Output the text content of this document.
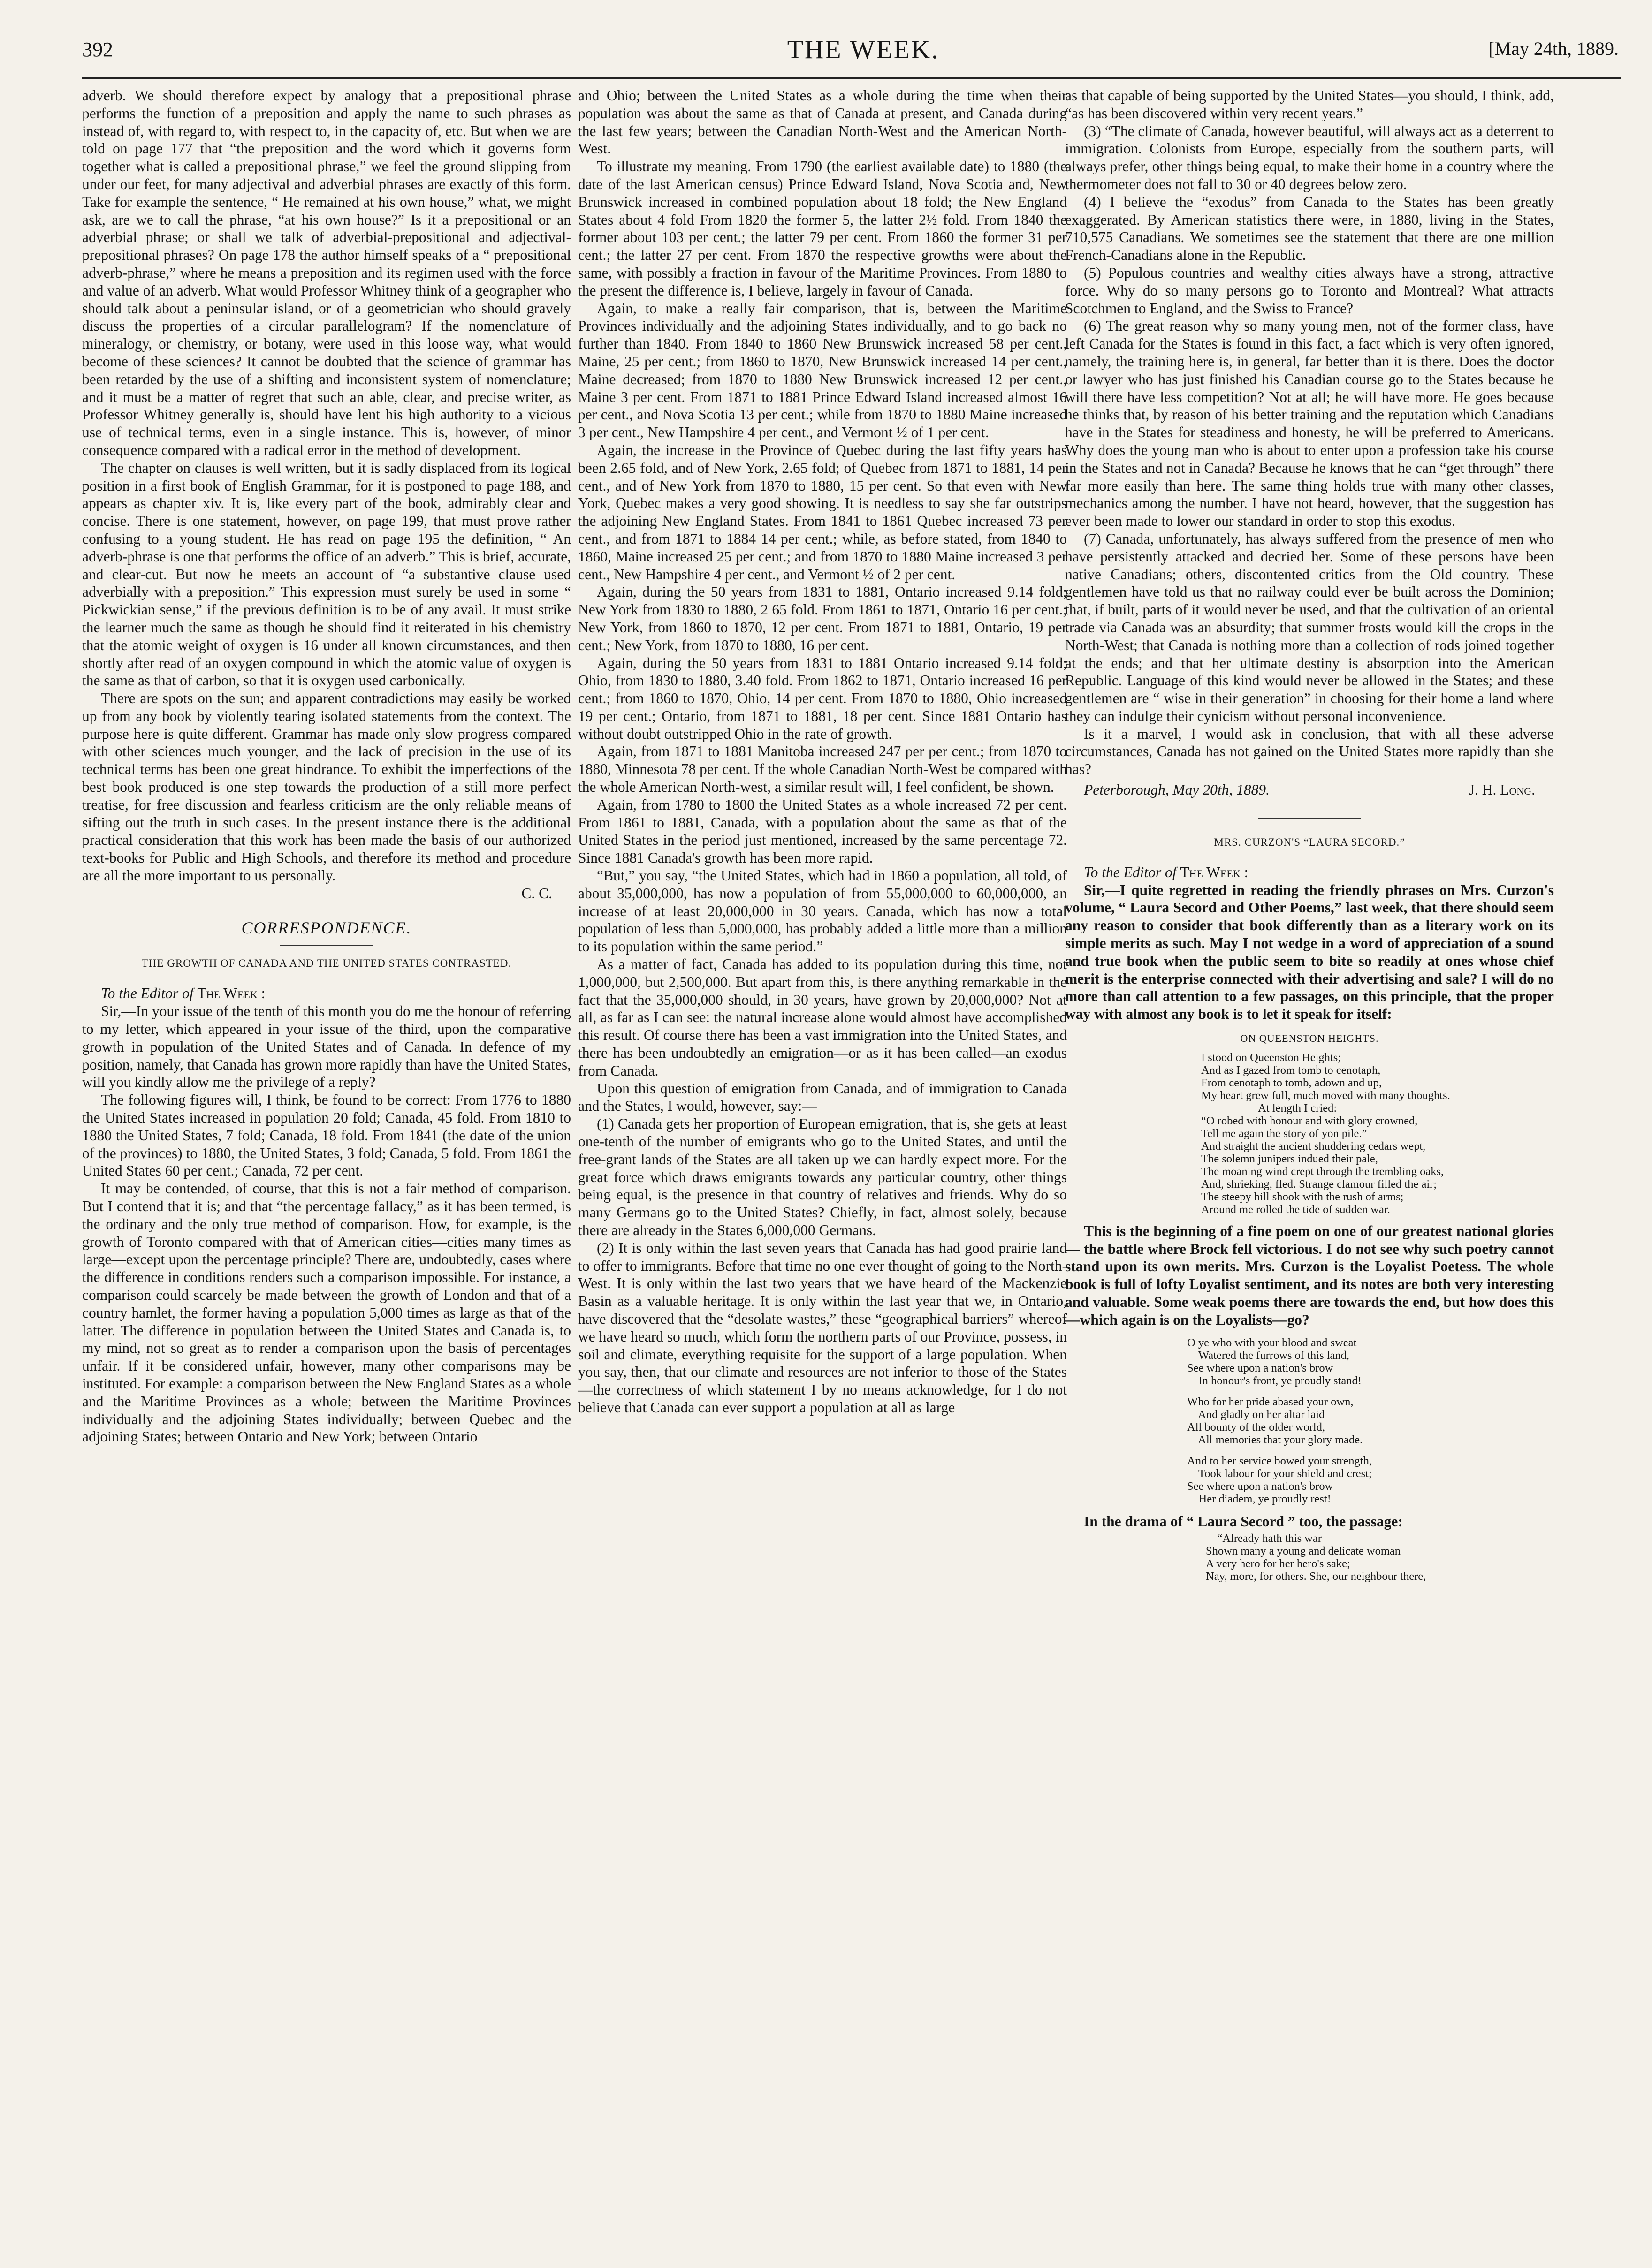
392	THE WEEK.	[May 24th, 1889.

adverb. We should therefore expect by analogy that a prepositional phrase performs the function of a preposition and apply the name to such phrases as instead of, with regard to, with respect to, in the capacity of, etc. But when we are told on page 177 that “the preposition and the word which it governs form together what is called a prepositional phrase,” we feel the ground slipping from under our feet, for many adjectival and adverbial phrases are exactly of this form. Take for example the sentence, “ He remained at his own house,” what, we might ask, are we to call the phrase, “at his own house?” Is it a prepositional or an adverbial phrase; or shall we talk of adverbial-prepositional and adjectival-prepositional phrases? On page 178 the author himself speaks of a “ prepositional adverb-phrase,” where he means a preposition and its regimen used with the force and value of an adverb. What would Professor Whitney think of a geographer who should talk about a peninsular island, or of a geometrician who should gravely discuss the properties of a circular parallelogram? If the nomenclature of mineralogy, or chemistry, or botany, were used in this loose way, what would become of these sciences? It cannot be doubted that the science of grammar has been retarded by the use of a shifting and inconsistent system of nomenclature; and it must be a matter of regret that such an able, clear, and precise writer, as Professor Whitney generally is, should have lent his high authority to a vicious use of technical terms, even in a single instance. This is, however, of minor consequence compared with a radical error in the method of development.

The chapter on clauses is well written, but it is sadly displaced from its logical position in a first book of English Grammar, for it is postponed to page 188, and appears as chapter xiv. It is, like every part of the book, admirably clear and concise. There is one statement, however, on page 199, that must prove rather confusing to a young student. He has read on page 195 the definition, “ An adverb-phrase is one that performs the office of an adverb.” This is brief, accurate, and clear-cut. But now he meets an account of “a substantive clause used adverbially with a preposition.” This expression must surely be used in some “ Pickwickian sense,” if the previous definition is to be of any avail. It must strike the learner much the same as though he should find it reiterated in his chemistry that the atomic weight of oxygen is 16 under all known circumstances, and then shortly after read of an oxygen compound in which the atomic value of oxygen is the same as that of carbon, so that it is oxygen used carbonically.

There are spots on the sun; and apparent contradictions may easily be worked up from any book by violently tearing isolated statements from the context. The purpose here is quite different. Grammar has made only slow progress compared with other sciences much younger, and the lack of precision in the use of its technical terms has been one great hindrance. To exhibit the imperfections of the best book produced is one step towards the production of a still more perfect treatise, for free discussion and fearless criticism are the only reliable means of sifting out the truth in such cases. In the present instance there is the additional practical consideration that this work has been made the basis of our authorized text-books for Public and High Schools, and therefore its method and procedure are all the more important to us personally.

C. C.

CORRESPONDENCE.
THE GROWTH OF CANADA AND THE UNITED STATES CONTRASTED.

To the Editor of The Week :

Sir,—In your issue of the tenth of this month you do me the honour of referring to my letter, which appeared in your issue of the third, upon the comparative growth in population of the United States and of Canada. In defence of my position, namely, that Canada has grown more rapidly than have the United States, will you kindly allow me the privilege of a reply?

The following figures will, I think, be found to be correct: From 1776 to 1880 the United States increased in population 20 fold; Canada, 45 fold. From 1810 to 1880 the United States, 7 fold; Canada, 18 fold. From 1841 (the date of the union of the provinces) to 1880, the United States, 3 fold; Canada, 5 fold. From 1861 the United States 60 per cent.; Canada, 72 per cent.

It may be contended, of course, that this is not a fair method of comparison. But I contend that it is; and that “the percentage fallacy,” as it has been termed, is the ordinary and the only true method of comparison. How, for example, is the growth of Toronto compared with that of American cities—cities many times as large—except upon the percentage principle? There are, undoubtedly, cases where the difference in conditions renders such a comparison impossible. For instance, a comparison could scarcely be made between the growth of London and that of a country hamlet, the former having a population 5,000 times as large as that of the latter. The difference in population between the United States and Canada is, to my mind, not so great as to render a comparison upon the basis of percentages unfair. If it be considered unfair, however, many other comparisons may be instituted. For example: a comparison between the New England States as a whole and the Maritime Provinces as a whole; between the Maritime Provinces individually and the adjoining States individually; between Quebec and the adjoining States; between Ontario and New York; between Ontario

and Ohio; between the United States as a whole during the time when their population was about the same as that of Canada at present, and Canada during the last few years; between the Canadian North-West and the American North-West.

To illustrate my meaning. From 1790 (the earliest available date) to 1880 (the date of the last American census) Prince Edward Island, Nova Scotia and, New Brunswick increased in combined population about 18 fold; the New England States about 4 fold From 1820 the former 5, the latter 2½ fold. From 1840 the former about 103 per cent.; the latter 79 per cent. From 1860 the former 31 per cent.; the latter 27 per cent. From 1870 the respective growths were about the same, with possibly a fraction in favour of the Maritime Provinces. From 1880 to the present the difference is, I believe, largely in favour of Canada.

Again, to make a really fair comparison, that is, between the Maritime Provinces individually and the adjoining States individually, and to go back no further than 1840. From 1840 to 1860 New Brunswick increased 58 per cent., Maine, 25 per cent.; from 1860 to 1870, New Brunswick increased 14 per cent., Maine decreased; from 1870 to 1880 New Brunswick increased 12 per cent., Maine 3 per cent. From 1871 to 1881 Prince Edward Island increased almost 16 per cent., and Nova Scotia 13 per cent.; while from 1870 to 1880 Maine increased 3 per cent., New Hampshire 4 per cent., and Vermont ½ of 1 per cent.

Again, the increase in the Province of Quebec during the last fifty years has been 2.65 fold, and of New York, 2.65 fold; of Quebec from 1871 to 1881, 14 per cent., and of New York from 1870 to 1880, 15 per cent. So that even with New York, Quebec makes a very good showing. It is needless to say she far outstrips the adjoining New England States. From 1841 to 1861 Quebec increased 73 per cent., and from 1871 to 1884 14 per cent.; while, as before stated, from 1840 to 1860, Maine increased 25 per cent.; and from 1870 to 1880 Maine increased 3 per cent., New Hampshire 4 per cent., and Vermont ½ of 2 per cent.

Again, during the 50 years from 1831 to 1881, Ontario increased 9.14 fold; New York from 1830 to 1880, 2 65 fold. From 1861 to 1871, Ontario 16 per cent.; New York, from 1860 to 1870, 12 per cent. From 1871 to 1881, Ontario, 19 per cent.; New York, from 1870 to 1880, 16 per cent.

Again, during the 50 years from 1831 to 1881 Ontario increased 9.14 fold; Ohio, from 1830 to 1880, 3.40 fold. From 1862 to 1871, Ontario increased 16 per cent.; from 1860 to 1870, Ohio, 14 per cent. From 1870 to 1880, Ohio increased 19 per cent.; Ontario, from 1871 to 1881, 18 per cent. Since 1881 Ontario has without doubt outstripped Ohio in the rate of growth.

Again, from 1871 to 1881 Manitoba increased 247 per per cent.; from 1870 to 1880, Minnesota 78 per cent. If the whole Canadian North-West be compared with the whole American North-west, a similar result will, I feel confident, be shown.

Again, from 1780 to 1800 the United States as a whole increased 72 per cent. From 1861 to 1881, Canada, with a population about the same as that of the United States in the period just mentioned, increased by the same percentage 72. Since 1881 Canada's growth has been more rapid.

“But,” you say, “the United States, which had in 1860 a population, all told, of about 35,000,000, has now a population of from 55,000,000 to 60,000,000, an increase of at least 20,000,000 in 30 years. Canada, which has now a total population of less than 5,000,000, has probably added a little more than a million to its population within the same period.”

As a matter of fact, Canada has added to its population during this time, not 1,000,000, but 2,500,000. But apart from this, is there anything remarkable in the fact that the 35,000,000 should, in 30 years, have grown by 20,000,000? Not at all, as far as I can see: the natural increase alone would almost have accomplished this result. Of course there has been a vast immigration into the United States, and there has been undoubtedly an emigration—or as it has been called—an exodus from Canada.

Upon this question of emigration from Canada, and of immigration to Canada and the States, I would, however, say:—

(1) Canada gets her proportion of European emigration, that is, she gets at least one-tenth of the number of emigrants who go to the United States, and until the free-grant lands of the States are all taken up we can hardly expect more. For the great force which draws emigrants towards any particular country, other things being equal, is the presence in that country of relatives and friends. Why do so many Germans go to the United States? Chiefly, in fact, almost solely, because there are already in the States 6,000,000 Germans.

(2) It is only within the last seven years that Canada has had good prairie land to offer to immigrants. Before that time no one ever thought of going to the North-West. It is only within the last two years that we have heard of the Mackenzie Basin as a valuable heritage. It is only within the last year that we, in Ontario, have discovered that the “desolate wastes,” these “geographical barriers” whereof we have heard so much, which form the northern parts of our Province, possess, in soil and climate, everything requisite for the support of a large population. When you say, then, that our climate and resources are not inferior to those of the States—the correctness of which statement I by no means acknowledge, for I do not believe that Canada can ever support a population at all as large

as that capable of being supported by the United States—you should, I think, add, “as has been discovered within very recent years.”

(3) “The climate of Canada, however beautiful, will always act as a deterrent to immigration. Colonists from Europe, especially from the southern parts, will always prefer, other things being equal, to make their home in a country where the thermometer does not fall to 30 or 40 degrees below zero.

(4) I believe the “exodus” from Canada to the States has been greatly exaggerated. By American statistics there were, in 1880, living in the States, 710,575 Canadians. We sometimes see the statement that there are one million French-Canadians alone in the Republic.

(5) Populous countries and wealthy cities always have a strong, attractive force. Why do so many persons go to Toronto and Montreal? What attracts Scotchmen to England, and the Swiss to France?

(6) The great reason why so many young men, not of the former class, have left Canada for the States is found in this fact, a fact which is very often ignored, namely, the training here is, in general, far better than it is there. Does the doctor or lawyer who has just finished his Canadian course go to the States because he will there have less competition? Not at all; he will have more. He goes because he thinks that, by reason of his better training and the reputation which Canadians have in the States for steadiness and honesty, he will be preferred to Americans. Why does the young man who is about to enter upon a profession take his course in the States and not in Canada? Because he knows that he can “get through” there far more easily than here. The same thing holds true with many other classes, mechanics among the number. I have not heard, however, that the suggestion has ever been made to lower our standard in order to stop this exodus.

(7) Canada, unfortunately, has always suffered from the presence of men who have persistently attacked and decried her. Some of these persons have been native Canadians; others, discontented critics from the Old country. These gentlemen have told us that no railway could ever be built across the Dominion; that, if built, parts of it would never be used, and that the cultivation of an oriental trade via Canada was an absurdity; that summer frosts would kill the crops in the North-West; that Canada is nothing more than a collection of rods joined together at the ends; and that her ultimate destiny is absorption into the American Republic. Language of this kind would never be allowed in the States; and these gentlemen are “ wise in their generation” in choosing for their home a land where they can indulge their cynicism without personal inconvenience.

Is it a marvel, I would ask in conclusion, that with all these adverse circumstances, Canada has not gained on the United States more rapidly than she has?

Peterborough, May 20th, 1889.	J. H. Long.
MRS. CURZON'S “LAURA SECORD.”

To the Editor of The Week :

Sir,—I quite regretted in reading the friendly phrases on Mrs. Curzon's volume, “ Laura Secord and Other Poems,” last week, that there should seem any reason to consider that book differently than as a literary work on its simple merits as such. May I not wedge in a word of appreciation of a sound and true book when the public seem to bite so readily at ones whose chief merit is the enterprise connected with their advertising and sale? I will do no more than call attention to a few passages, on this principle, that the proper way with almost any book is to let it speak for itself:

ON QUEENSTON HEIGHTS.
I stood on Queenston Heights;
And as I gazed from tomb to cenotaph,
From cenotaph to tomb, adown and up,
My heart grew full, much moved with many thoughts.
At length I cried:
“O robed with honour and with glory crowned,
Tell me again the story of yon pile.”
And straight the ancient shuddering cedars wept,
The solemn junipers indued their pale,
The moaning wind crept through the trembling oaks,
And, shrieking, fled. Strange clamour filled the air;
The steepy hill shook with the rush of arms;
Around me rolled the tide of sudden war.

This is the beginning of a fine poem on one of our greatest national glories — the battle where Brock fell victorious. I do not see why such poetry cannot stand upon its own merits. Mrs. Curzon is the Loyalist Poetess. The whole book is full of lofty Loyalist sentiment, and its notes are both very interesting and valuable. Some weak poems there are towards the end, but how does this—which again is on the Loyalists—go?

O ye who with your blood and sweat
Watered the furrows of this land,
See where upon a nation's brow
In honour's front, ye proudly stand!
Who for her pride abased your own,
And gladly on her altar laid
All bounty of the older world,
All memories that your glory made.
And to her service bowed your strength,
Took labour for your shield and crest;
See where upon a nation's brow
Her diadem, ye proudly rest!

In the drama of “ Laura Secord ” too, the passage:

“Already hath this war
Shown many a young and delicate woman
A very hero for her hero's sake;
Nay, more, for others. She, our neighbour there,
